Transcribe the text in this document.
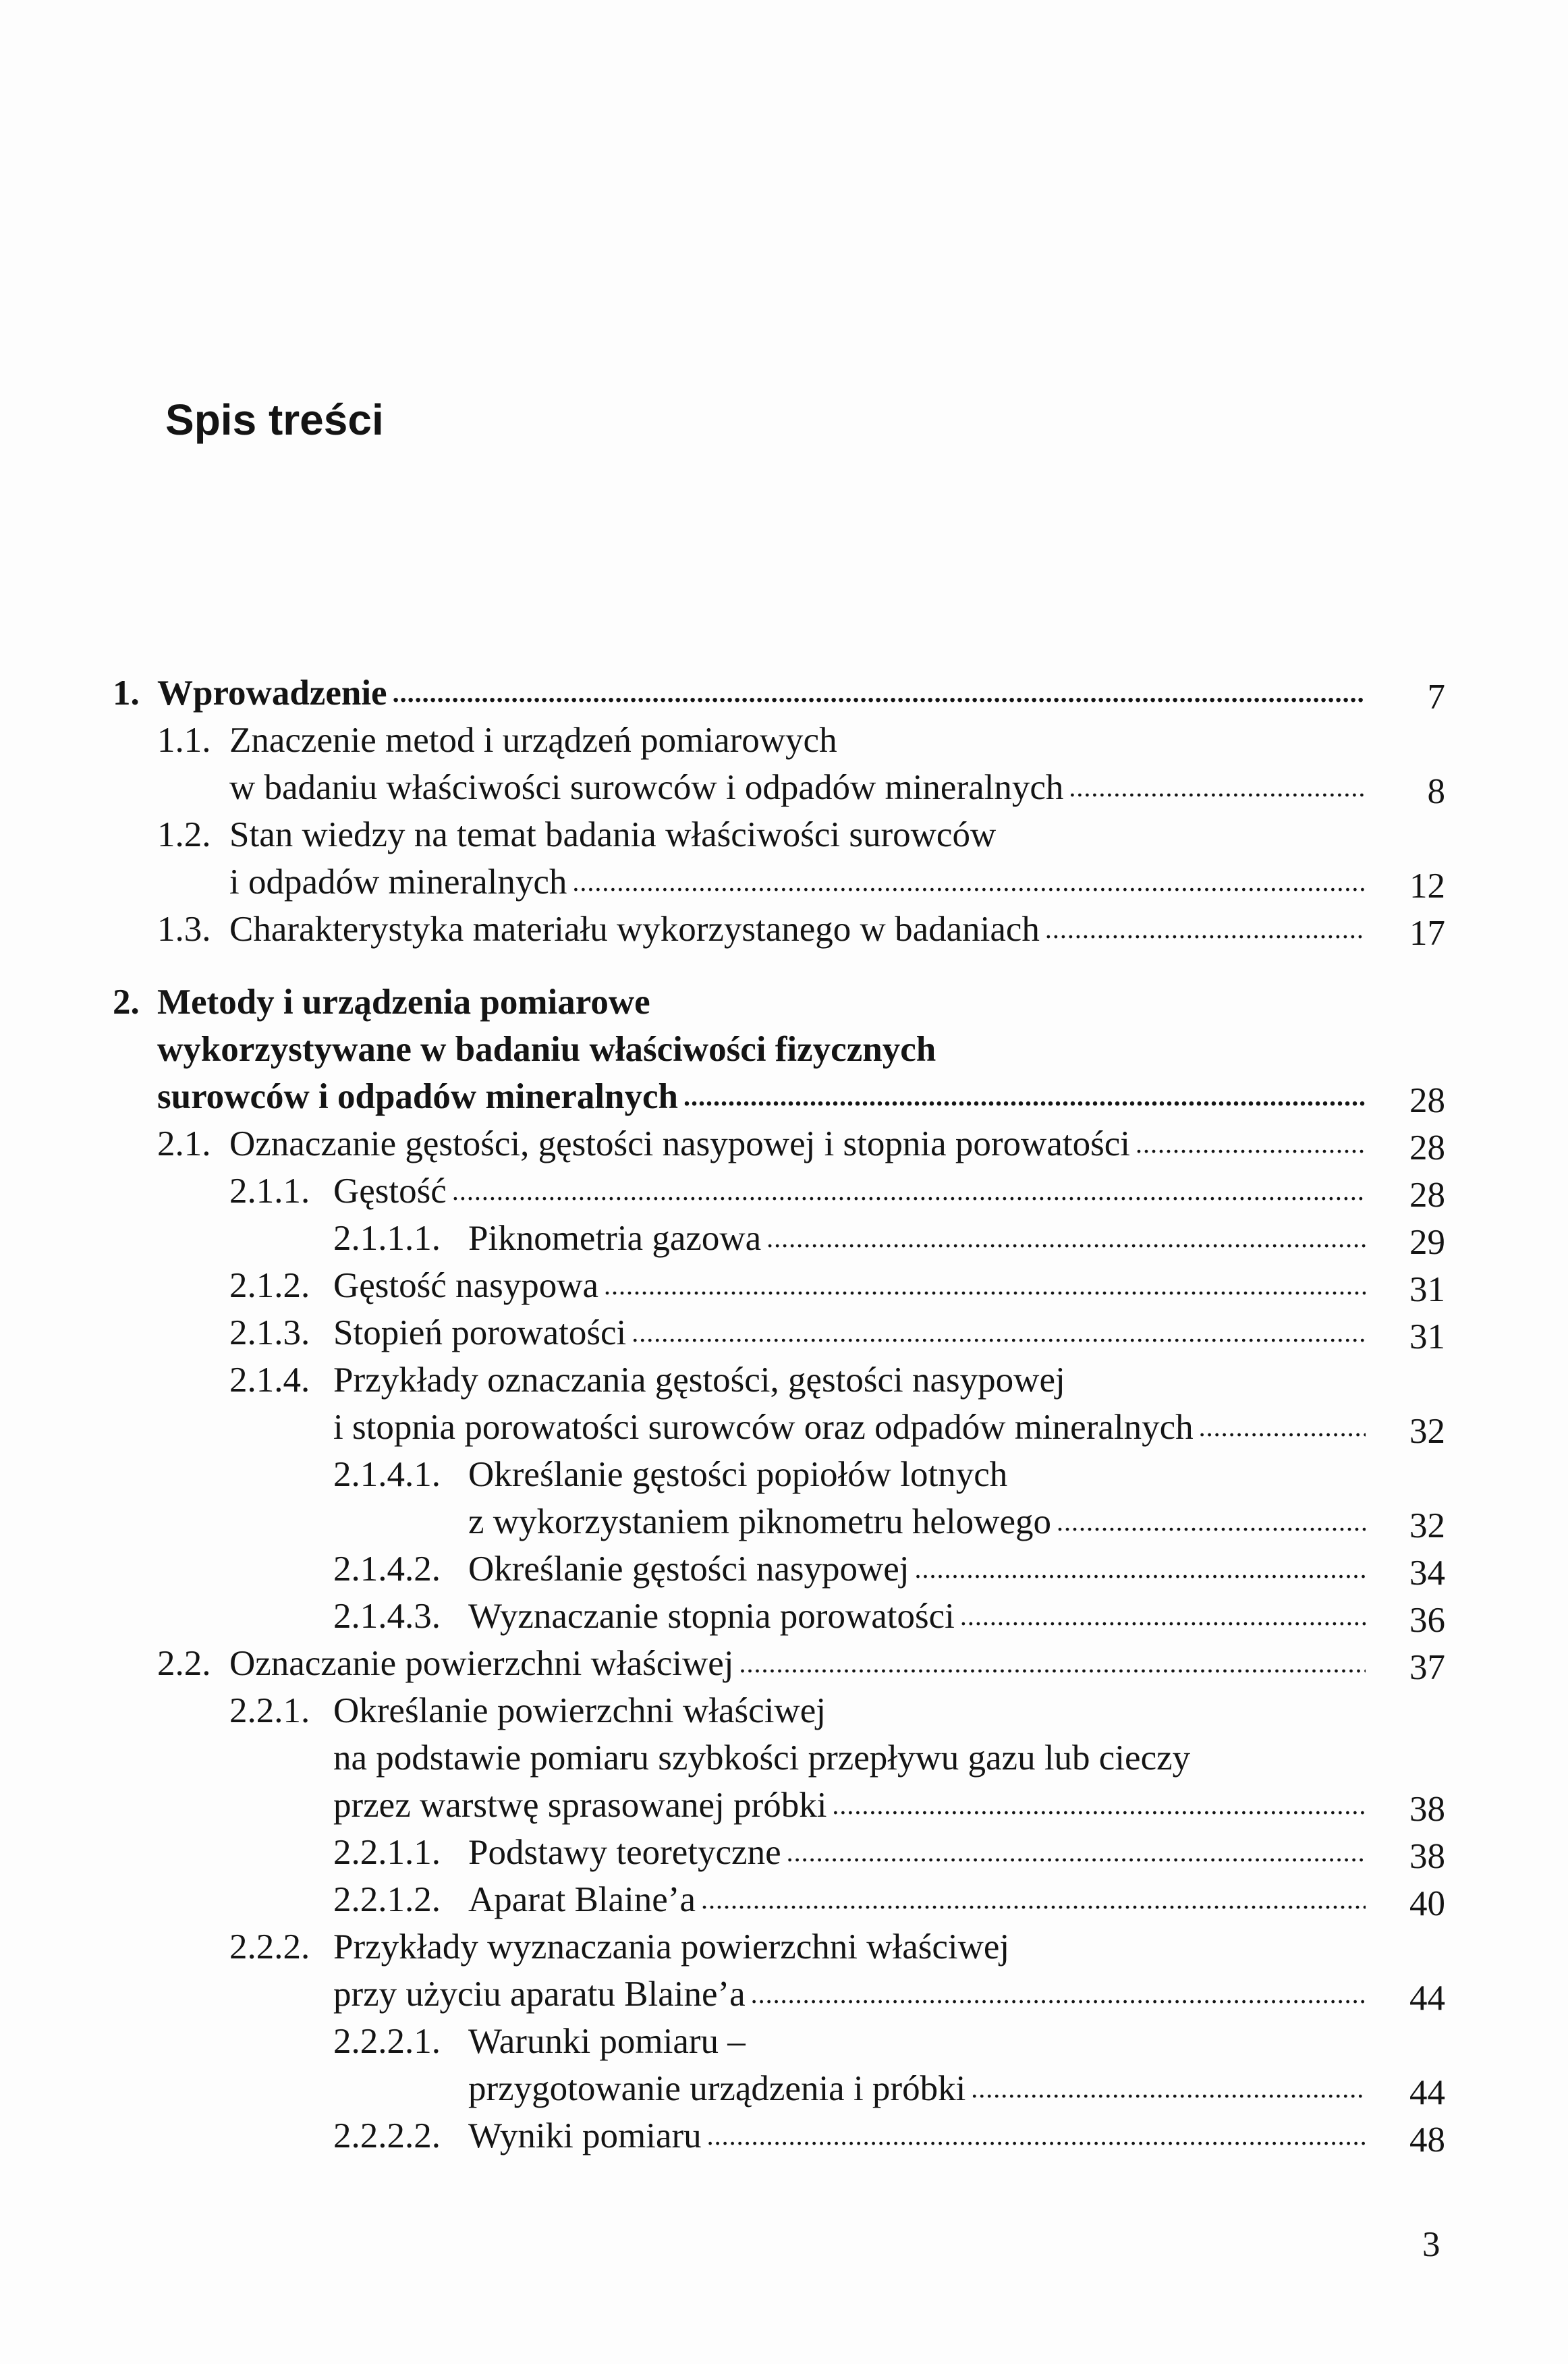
Spis treści
1. Wprowadzenie .....	7
1.1. Znaczenie metod i urządzeń pomiarowych
w badaniu właściwości surowców i odpadów mineralnych .....	8
1.2. Stan wiedzy na temat badania właściwości surowców
i odpadów mineralnych .....	12
1.3. Charakterystyka materiału wykorzystanego w badaniach .....	17
2. Metody i urządzenia pomiarowe
wykorzystywane w badaniu właściwości fizycznych
surowców i odpadów mineralnych .....	28
2.1. Oznaczanie gęstości, gęstości nasypowej i stopnia porowatości .....	28
2.1.1. Gęstość .....	28
2.1.1.1. Piknometria gazowa .....	29
2.1.2. Gęstość nasypowa .....	31
2.1.3. Stopień porowatości .....	31
2.1.4. Przykłady oznaczania gęstości, gęstości nasypowej
i stopnia porowatości surowców oraz odpadów mineralnych .....	32
2.1.4.1. Określanie gęstości popiołów lotnych
z wykorzystaniem piknometru helowego .....	32
2.1.4.2. Określanie gęstości nasypowej .....	34
2.1.4.3. Wyznaczanie stopnia porowatości .....	36
2.2. Oznaczanie powierzchni właściwej .....	37
2.2.1. Określanie powierzchni właściwej
na podstawie pomiaru szybkości przepływu gazu lub cieczy
przez warstwę sprasowanej próbki .....	38
2.2.1.1. Podstawy teoretyczne .....	38
2.2.1.2. Aparat Blaine’a .....	40
2.2.2. Przykłady wyznaczania powierzchni właściwej
przy użyciu aparatu Blaine’a .....	44
2.2.2.1. Warunki pomiaru –
przygotowanie urządzenia i próbki .....	44
2.2.2.2. Wyniki pomiaru .....	48
3
